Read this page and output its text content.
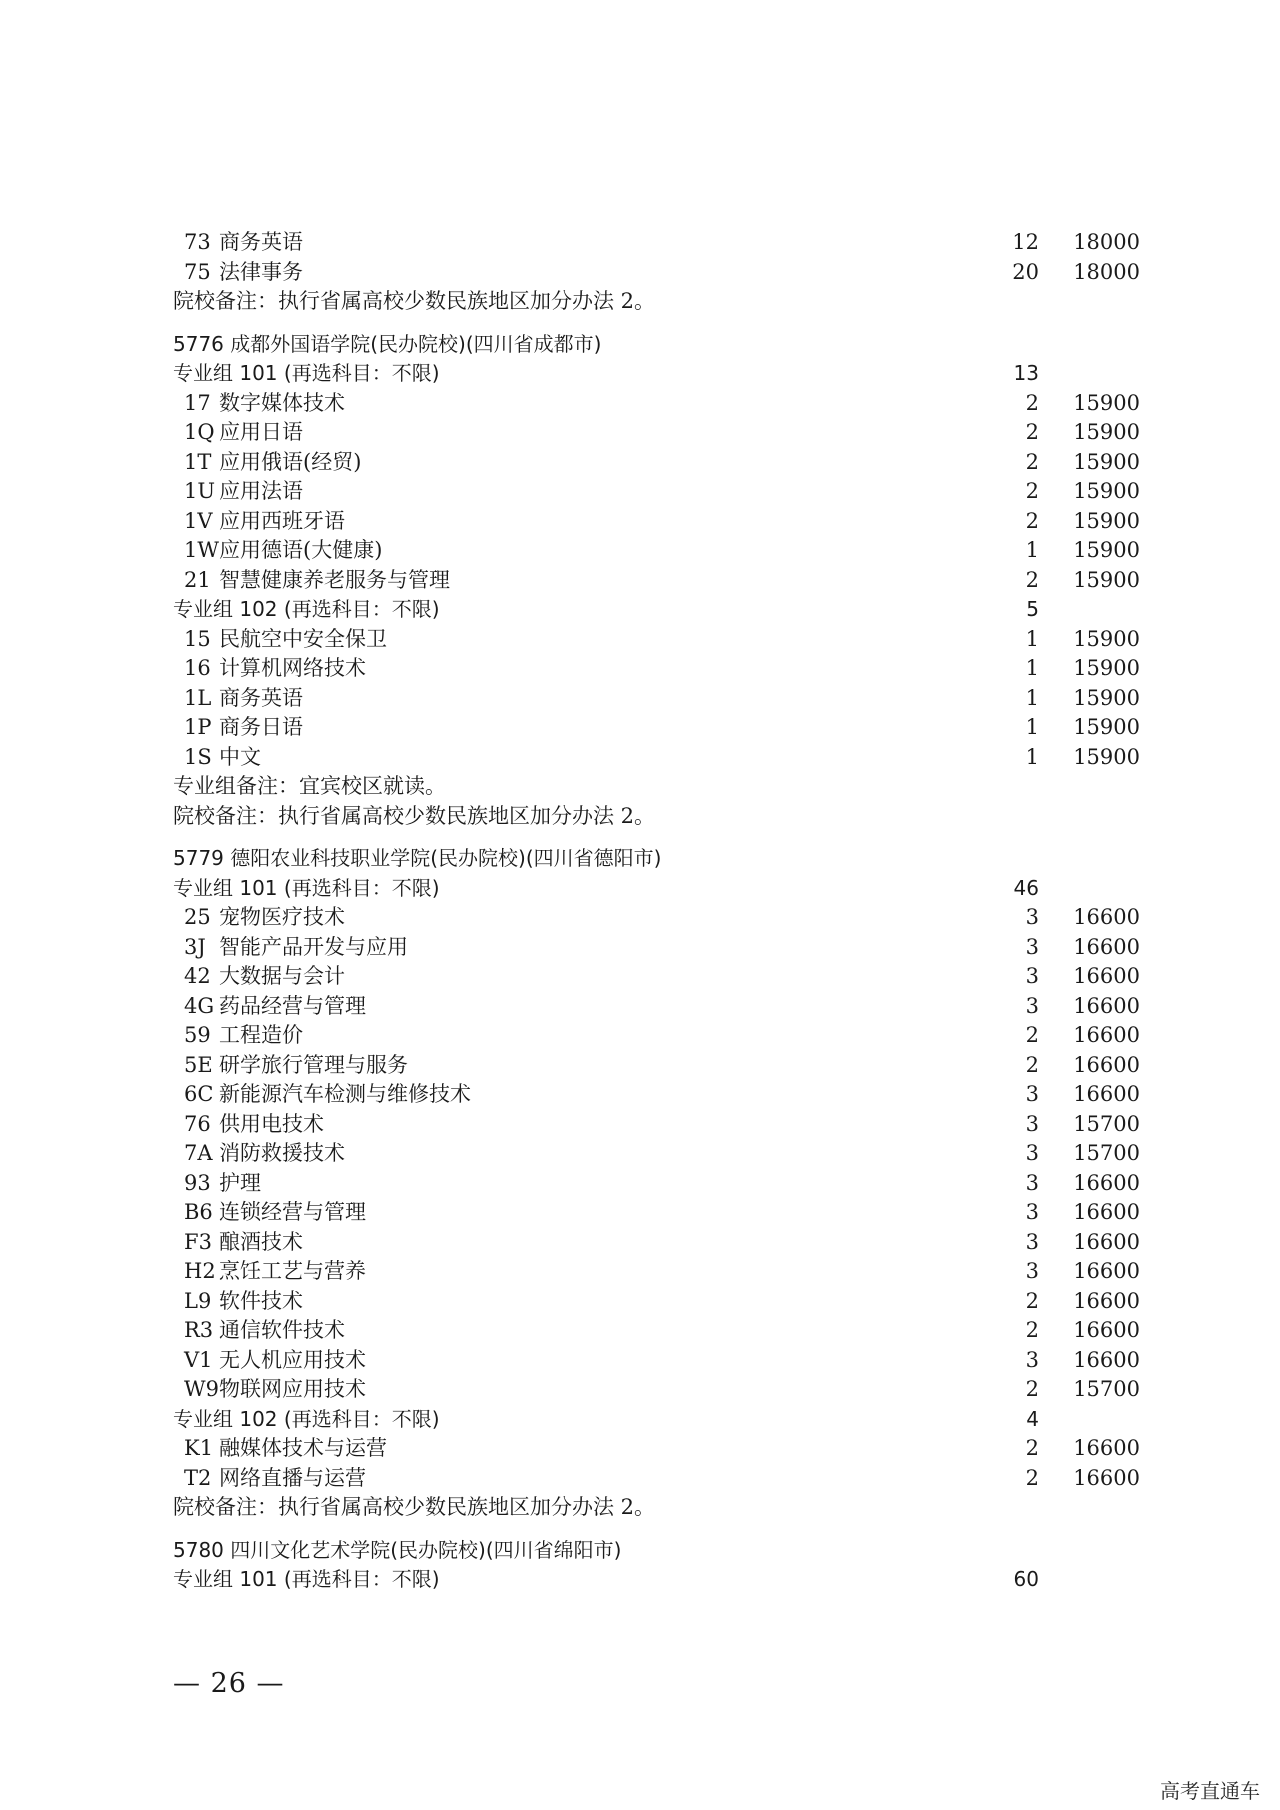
73 商务英语	12 18000
75 法律事务	20 18000
院校备注：执行省属高校少数民族地区加分办法 2。
5776 成都外国语学院(民办院校)(四川省成都市)
专业组 101 (再选科目：不限)	13
17 数字媒体技术	2 15900
1Q 应用日语	2 15900
1T 应用俄语(经贸)	2 15900
1U 应用法语	2 15900
1V 应用西班牙语	2 15900
1W 应用德语(大健康)	1 15900
21 智慧健康养老服务与管理	2 15900
专业组 102 (再选科目：不限)	5
15 民航空中安全保卫	1 15900
16 计算机网络技术	1 15900
1L 商务英语	1 15900
1P 商务日语	1 15900
1S 中文	1 15900
专业组备注：宜宾校区就读。
院校备注：执行省属高校少数民族地区加分办法 2。
5779 德阳农业科技职业学院(民办院校)(四川省德阳市)
专业组 101 (再选科目：不限)	46
25 宠物医疗技术	3 16600
3J 智能产品开发与应用	3 16600
42 大数据与会计	3 16600
4G 药品经营与管理	3 16600
59 工程造价	2 16600
5E 研学旅行管理与服务	2 16600
6C 新能源汽车检测与维修技术	3 16600
76 供用电技术	3 15700
7A 消防救援技术	3 15700
93 护理	3 16600
B6 连锁经营与管理	3 16600
F3 酿酒技术	3 16600
H2 烹饪工艺与营养	3 16600
L9 软件技术	2 16600
R3 通信软件技术	2 16600
V1 无人机应用技术	3 16600
W9 物联网应用技术	2 15700
专业组 102 (再选科目：不限)	4
K1 融媒体技术与运营	2 16600
T2 网络直播与运营	2 16600
院校备注：执行省属高校少数民族地区加分办法 2。
5780 四川文化艺术学院(民办院校)(四川省绵阳市)
专业组 101 (再选科目：不限)	60
— 26 —
高考直通车
